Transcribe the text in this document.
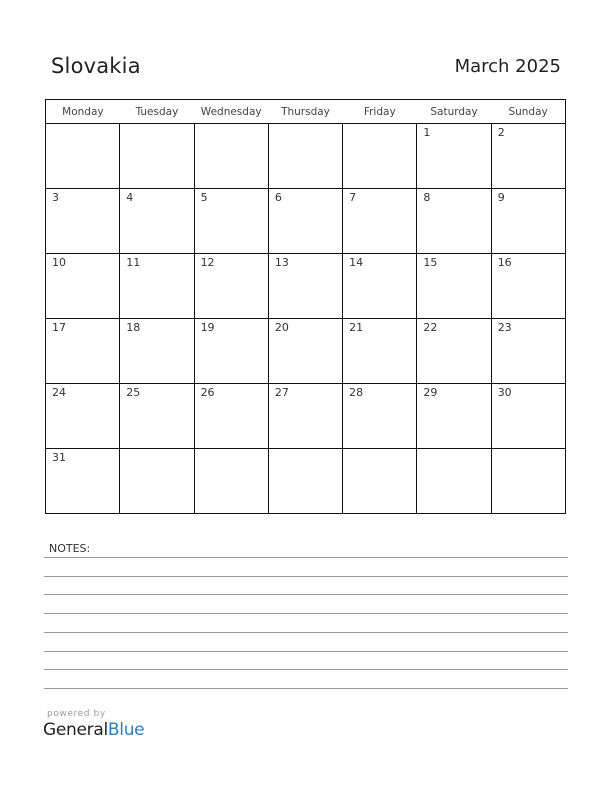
Slovakia	March 2025
Monday	Tuesday	Wednesday	Thursday	Friday	Saturday	Sunday

					1	2

3	4	5	6	7	8	9

10	11	12	13	14	15	16

17	18	19	20	21	22	23

24	25	26	27	28	29	30

31						

NOTES:
powered by
GeneralBlue
